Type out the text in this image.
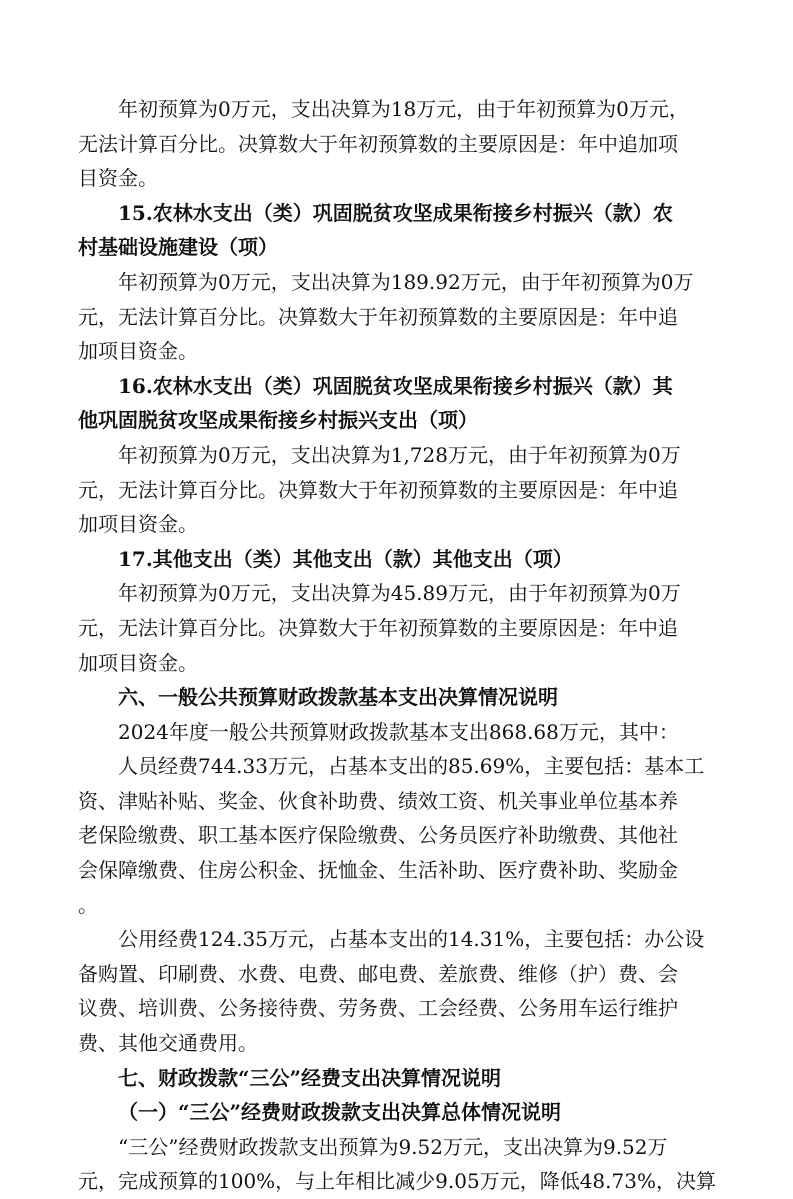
年初预算为0万元，支出决算为18万元，由于年初预算为0万元，
无法计算百分比。决算数大于年初预算数的主要原因是：年中追加项
目资金。
15.农林水支出（类）巩固脱贫攻坚成果衔接乡村振兴（款）农
村基础设施建设（项）
年初预算为0万元，支出决算为189.92万元，由于年初预算为0万
元，无法计算百分比。决算数大于年初预算数的主要原因是：年中追
加项目资金。
16.农林水支出（类）巩固脱贫攻坚成果衔接乡村振兴（款）其
他巩固脱贫攻坚成果衔接乡村振兴支出（项）
年初预算为0万元，支出决算为1,728万元，由于年初预算为0万
元，无法计算百分比。决算数大于年初预算数的主要原因是：年中追
加项目资金。
17.其他支出（类）其他支出（款）其他支出（项）
年初预算为0万元，支出决算为45.89万元，由于年初预算为0万
元，无法计算百分比。决算数大于年初预算数的主要原因是：年中追
加项目资金。
六、一般公共预算财政拨款基本支出决算情况说明
2024年度一般公共预算财政拨款基本支出868.68万元，其中：
人员经费744.33万元，占基本支出的85.69%，主要包括：基本工
资、津贴补贴、奖金、伙食补助费、绩效工资、机关事业单位基本养
老保险缴费、职工基本医疗保险缴费、公务员医疗补助缴费、其他社
会保障缴费、住房公积金、抚恤金、生活补助、医疗费补助、奖励金
。
公用经费124.35万元，占基本支出的14.31%，主要包括：办公设
备购置、印刷费、水费、电费、邮电费、差旅费、维修（护）费、会
议费、培训费、公务接待费、劳务费、工会经费、公务用车运行维护
费、其他交通费用。
七、财政拨款“三公”经费支出决算情况说明
（一）“三公”经费财政拨款支出决算总体情况说明
“三公”经费财政拨款支出预算为9.52万元，支出决算为9.52万
元，完成预算的100%，与上年相比减少9.05万元，降低48.73%，决算
